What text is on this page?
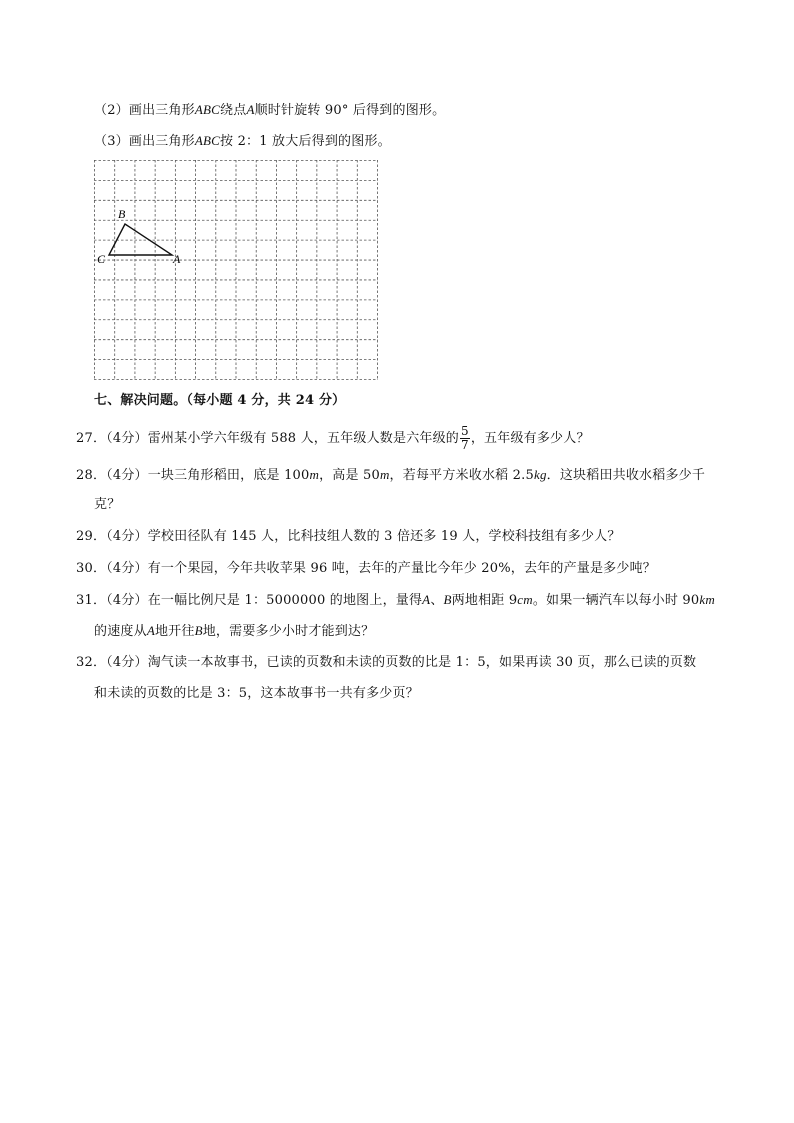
（2）画出三角形ABC绕点A顺时针旋转 90° 后得到的图形。
（3）画出三角形ABC按 2：1 放大后得到的图形。
B
C	A
七、解决问题。（每小题 4 分，共 24 分）
27．（4分）雷州某小学六年级有 588 人，五年级人数是六年级的 $\frac{5}{7}$ ，五年级有多少人？
28．（4分）一块三角形稻田，底是 100m，高是 50m，若每平方米收水稻 2.5kg．这块稻田共收水稻多少千
克？
29．（4分）学校田径队有 145 人，比科技组人数的 3 倍还多 19 人，学校科技组有多少人？
30．（4分）有一个果园，今年共收苹果 96 吨，去年的产量比今年少 20%，去年的产量是多少吨？
31．（4分）在一幅比例尺是 1：5000000 的地图上，量得A、B两地相距 9cm。如果一辆汽车以每小时 90km
的速度从A地开往B地，需要多少小时才能到达？
32．（4分）淘气读一本故事书，已读的页数和未读的页数的比是 1：5，如果再读 30 页，那么已读的页数
和未读的页数的比是 3：5，这本故事书一共有多少页？
